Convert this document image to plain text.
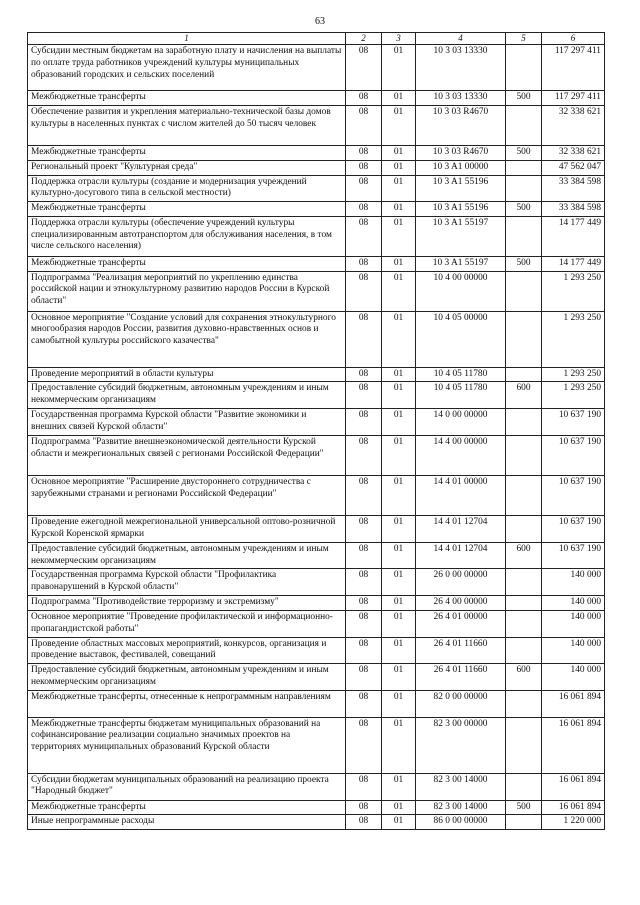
63
1	2	3	4	5	6
Субсидии местным бюджетам на заработную плату и начисления на выплаты по оплате труда работников учреждений культуры муниципальных образований городских и сельских поселений	08	01	10 3 03 13330		117 297 411
Межбюджетные трансферты	08	01	10 3 03 13330	500	117 297 411
Обеспечение развития и укрепления материально-технической базы домов культуры в населенных пунктах с числом жителей до 50 тысяч человек	08	01	10 3 03 R4670		32 338 621
Межбюджетные трансферты	08	01	10 3 03 R4670	500	32 338 621
Региональный проект "Культурная среда"	08	01	10 3 A1 00000		47 562 047
Поддержка отрасли культуры (создание и модернизация учреждений культурно-досугового типа в сельской местности)	08	01	10 3 A1 55196		33 384 598
Межбюджетные трансферты	08	01	10 3 A1 55196	500	33 384 598
Поддержка отрасли культуры (обеспечение учреждений культуры специализированным автотранспортом для обслуживания населения, в том числе сельского населения)	08	01	10 3 A1 55197		14 177 449
Межбюджетные трансферты	08	01	10 3 A1 55197	500	14 177 449
Подпрограмма "Реализация мероприятий по укреплению единства российской нации и этнокультурному развитию народов России в Курской области"	08	01	10 4 00 00000		1 293 250
Основное мероприятие "Создание условий для сохранения этнокультурного многообразия народов России, развития духовно-нравственных основ и самобытной культуры российского казачества"	08	01	10 4 05 00000		1 293 250
Проведение мероприятий в области культуры	08	01	10 4 05 11780		1 293 250
Предоставление субсидий бюджетным, автономным учреждениям и иным некоммерческим организациям	08	01	10 4 05 11780	600	1 293 250
Государственная программа Курской области "Развитие экономики и внешних связей Курской области"	08	01	14 0 00 00000		10 637 190
Подпрограмма "Развитие внешнеэкономической деятельности Курской области и межрегиональных связей с регионами Российской Федерации"	08	01	14 4 00 00000		10 637 190
Основное мероприятие "Расширение двустороннего сотрудничества с зарубежными странами и регионами Российской Федерации"	08	01	14 4 01 00000		10 637 190
Проведение ежегодной межрегиональной универсальной оптово-розничной Курской Коренской ярмарки	08	01	14 4 01 12704		10 637 190
Предоставление субсидий бюджетным, автономным учреждениям и иным некоммерческим организациям	08	01	14 4 01 12704	600	10 637 190
Государственная программа Курской области "Профилактика правонарушений в Курской области"	08	01	26 0 00 00000		140 000
Подпрограмма "Противодействие терроризму и экстремизму"	08	01	26 4 00 00000		140 000
Основное мероприятие "Проведение профилактической и информационно-пропагандистской работы"	08	01	26 4 01 00000		140 000
Проведение областных массовых мероприятий, конкурсов, организация и проведение выставок, фестивалей, совещаний	08	01	26 4 01 11660		140 000
Предоставление субсидий бюджетным, автономным учреждениям и иным некоммерческим организациям	08	01	26 4 01 11660	600	140 000
Межбюджетные трансферты, отнесенные к непрограммным направлениям	08	01	82 0 00 00000		16 061 894
Межбюджетные трансферты бюджетам муниципальных образований на софинансирование реализации социально значимых проектов на территориях муниципальных образований Курской области	08	01	82 3 00 00000		16 061 894
Субсидии бюджетам муниципальных образований на реализацию проекта "Народный бюджет"	08	01	82 3 00 14000		16 061 894
Межбюджетные трансферты	08	01	82 3 00 14000	500	16 061 894
Иные непрограммные расходы	08	01	86 0 00 00000		1 220 000
